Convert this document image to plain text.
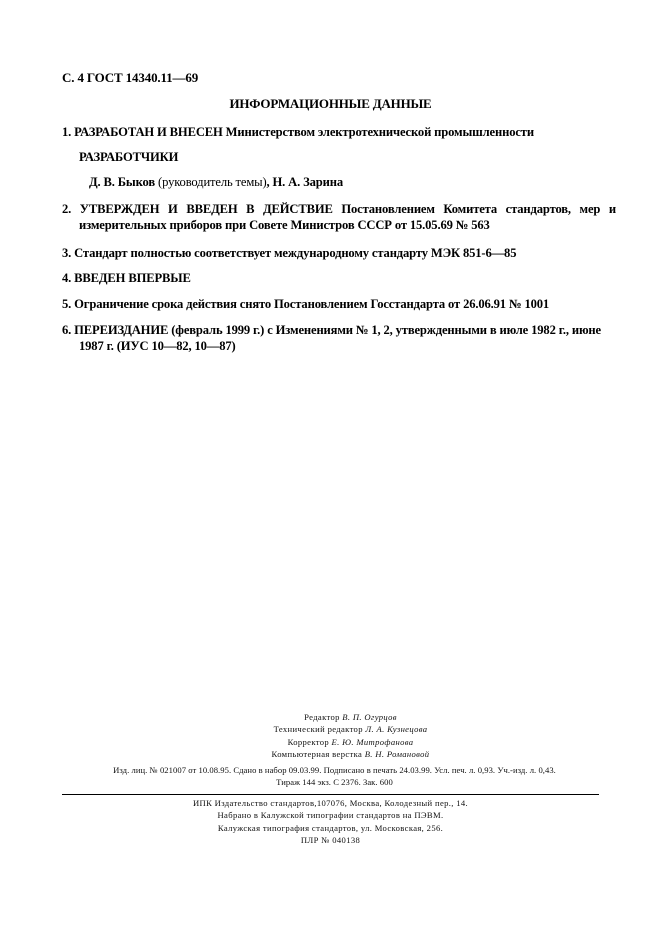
С. 4 ГОСТ 14340.11—69
ИНФОРМАЦИОННЫЕ ДАННЫЕ
1. РАЗРАБОТАН И ВНЕСЕН Министерством электротехнической промышленности
РАЗРАБОТЧИКИ
Д. В. Быков (руководитель темы), Н. А. Зарина
2. УТВЕРЖДЕН И ВВЕДЕН В ДЕЙСТВИЕ Постановлением Комитета стандартов, мер и измерительных приборов при Совете Министров СССР от 15.05.69 № 563
3. Стандарт полностью соответствует международному стандарту МЭК 851-6—85
4. ВВЕДЕН ВПЕРВЫЕ
5. Ограничение срока действия снято Постановлением Госстандарта от 26.06.91 № 1001
6. ПЕРЕИЗДАНИЕ (февраль 1999 г.) с Изменениями № 1, 2, утвержденными в июле 1982 г., июне 1987 г. (ИУС 10—82, 10—87)
Редактор В. П. Огурцов
Технический редактор Л. А. Кузнецова
Корректор Е. Ю. Митрофанова
Компьютерная верстка В. Н. Романовой
Изд. лиц. № 021007 от 10.08.95. Сдано в набор 09.03.99. Подписано в печать 24.03.99. Усл. печ. л. 0,93. Уч.-изд. л. 0,43.
Тираж 144 экз. С 2376. Зак. 600
ИПК Издательство стандартов,107076, Москва, Колодезный пер., 14.
Набрано в Калужской типографии стандартов на ПЭВМ.
Калужская типография стандартов, ул. Московская, 256.
ПЛР № 040138
